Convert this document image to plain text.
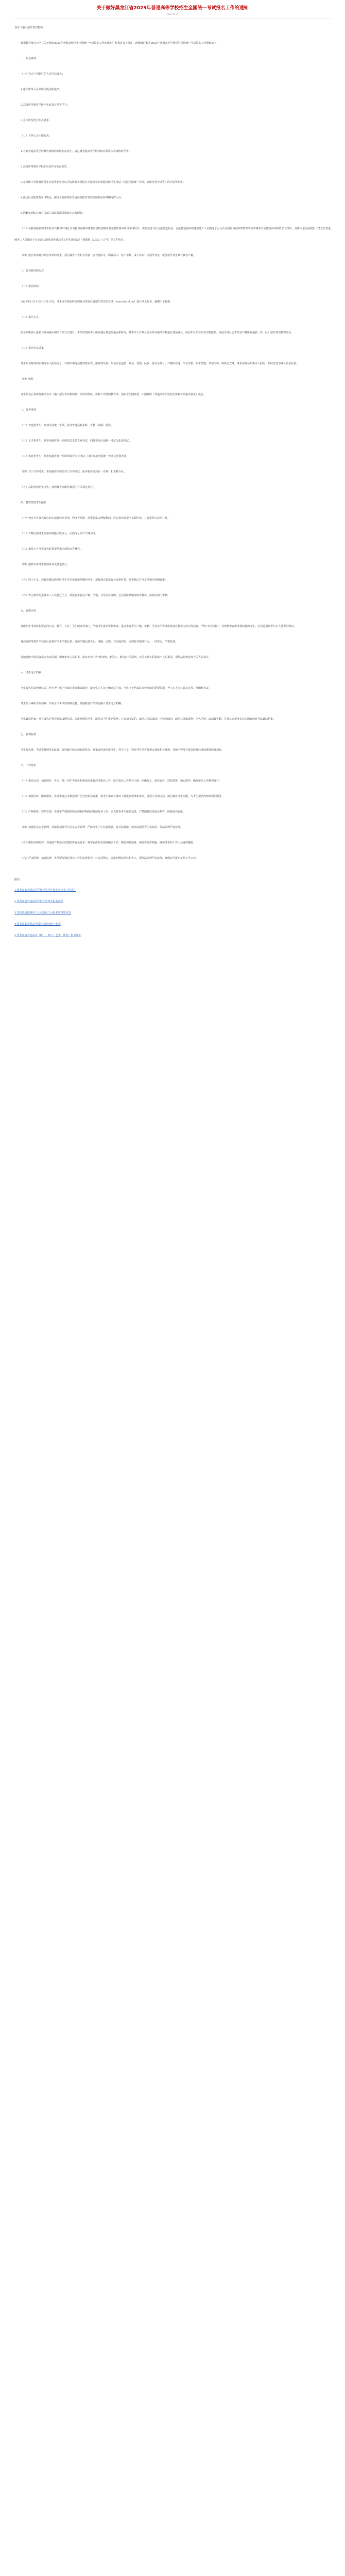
关于做好黑龙江省2023年普通高等学校招生全国统一考试报名工作的通知
2022-10-31

各市（地）招生考试机构：

根据教育部办公厅《关于做好2023年普通高校招生全国统一考试报名工作的通知》和我省有关规定，现就做好我省2023年普通高等学校招生全国统一考试报名工作通知如下：

一、报名条件

（一）符合下列条件的人员可以报名：

1.遵守中华人民共和国宪法和法律；

2.高级中等教育学校毕业或具有同等学力；

3.身体状况符合相关要求。

（二）下列人员不能报名：

1.具有普通高等学历教育资格的高校的在校生，或已被普通高等学校录取并保留入学资格的学生；

2.高级中等教育学校非应届毕业的在校生；

3.在高级中等教育阶段非应届毕业年份以弄虚作假手段报名并违规参加普通高校招生考试（包括全国统一考试、高职分类考试等）的应届毕业生；

4.因违反国家教育考试规定，被给予暂停参加普通高校招生考试处理且在停考期内的人员；

5.因触犯刑法已被有关部门采取强制措施或正在服刑者。

（三）在我省报名的考生须具有我省户籍且具有我省高级中等教育学校学籍并有完整的高中阶段学习经历，或在我省具有合法稳定职业、合法稳定住所的进城务工人员随迁子女且具有我省高级中等教育学校学籍并有完整的高中阶段学习经历。具体认定办法按照《黑龙江省进城务工人员随迁子女在流入地参加普通高考工作实施办法》（黑教联〔2022〕17号）等文件执行。

（四）报名参加对口升学考试的考生，须为我省中等职业学校（含普通中专、职业高中、技工学校、成人中专）应届毕业生，或往届毕业生具有我省户籍。

二、报名时间和方式

（一）报名时间

2022年11月1日至11月10日，考生可在规定时间内登录黑龙江省招生考试信息港（www.lzk.hl.cn）进行网上报名。逾期不予补报。

（二）报名方式

报名采取网上报名与现场确认相结合的方式进行。考生应按照本人所在地区规定的地点和时间，携带本人有效身份证件及相关材料进行现场确认。应届毕业生在所在学校报名，往届生及社会考生在户籍所在地县（市、区）招生考试机构报名。

（三）报名信息采集

考生报名时须如实填写本人报名信息，并对所填写信息的真实性、准确性负责。报名信息包括：姓名、性别、民族、身份证件号、户籍所在地、毕业学校、报考类别、外语语种、联系方式等。考生须现场采集本人照片、指纹及签字确认报名信息。

（四）体检

考生报名后须参加由所在市（地）招生考试机构统一组织的体检，体检工作按照教育部、国家卫生健康委、中国残联《普通高等学校招生体检工作指导意见》执行。

三、报考类别

（一）普通类考生：参加全国统一考试，报考普通高校本科、专科（高职）批次。

（二）艺术类考生：须参加我省统一组织的艺术类专业考试，同时参加全国统一考试文化课考试。

（三）体育类考生：须参加我省统一组织的体育专业考试，同时参加全国统一考试文化课考试。

（四）对口升学考生：参加我省组织的对口升学考试，报考相应的高职（专科）和本科专业。

（五）高职单独招生考生：按照我省高职单独招生有关规定执行。

四、特殊类型考生报名

（一）残疾考生报名时应如实填报残疾类别、程度等情况，需要提供合理便利的，应在报名时提出书面申请，并提供相关证明材料。

（二）少数民族考生应如实填报民族成分，民族成分以户口簿为准。

（三）退役士兵考生报名时须提供退出现役证等材料。

（四）港澳台侨考生按国家有关规定执行。

（五）烈士子女、边疆少数民族地区考生等享受政策照顾的考生，须按规定提供有关证明材料，经审核后方可享受相应照顾政策。

（六）符合条件的进城务工人员随迁子女，须按要求提交户籍、学籍、父母居住证明、社会保险缴纳证明等材料，由相关部门审核。

五、资格审查

各级招生考试机构要会同公安、教育、人社、卫生健康等部门，严格考生报名资格审查。重点审查考生户籍、学籍、学业水平考试成绩及在校学习经历等信息，严防“高考移民”。对资格审查中发现问题的考生，应及时通知考生本人并说明理由。

各高级中等教育学校要认真核对学生学籍信息，确保学籍信息真实、准确、完整。对弄虚作假、违规转学籍等行为，一经查实，严肃处理。

各地要健全报名资格审查责任制，明确审查人员职责，落实审查工作“谁审核、谁签字、谁负责”的原则。对因工作失职造成不良后果的，要依法依规追究有关人员责任。

六、考生电子档案

考生报名信息经确认后，作为考生电子档案的重要组成部分，由考生本人签字确认后生效。考生电子档案是高校录取的重要依据，考生本人应对其真实性、准确性负责。

考生综合素质评价档案、学业水平考试成绩等信息，按照我省有关规定纳入考生电子档案。

考生诚信档案：对在报名过程中提供虚假信息、弄虚作假的考生，取消其当年报名资格；已参加考试的，取消其考试成绩；已被录取的，取消其录取资格；已入学的，取消其学籍，并将其违规事实记入国家教育考试诚信档案。

七、收费标准

考生报名费、考试费按照省发改委、省财政厅核定的标准执行。对家庭经济困难考生、烈士子女、残疾考生等可按规定减免相关费用。各地不得擅自提高收费标准或增加收费项目。

八、工作要求

（一）提高认识，加强领导。各市（地）招生考试机构要高度重视高考报名工作，成立报名工作领导小组，明确分工，落实责任，周密部署，精心组织，确保报名工作顺利进行。

（二）加强宣传，做好服务。各地要通过多种途径广泛宣传报名政策，使考生和家长及时了解报名政策和要求。要设立咨询电话，耐心解答考生问题，为考生提供热情周到的服务。

（三）严格程序，规范管理。各地要严格按照规定的程序和时间开展报名工作，认真核查考生报名信息，严禁随意改变报名条件、降低报名标准。

（四）加强信息安全管理。各地要加强考生信息安全管理，严防考生个人信息泄露。对非法获取、出售或提供考生信息的，依法依规严肃处理。

（五）做好疫情防控。各地要严格落实疫情防控有关要求，科学安排报名现场确认工作，做好现场消毒、测温等防护措施，确保考生和工作人员身体健康。

（六）严肃纪律，加强监督。各地要加强对报名工作的监督检查，对违反规定、弄虚作假的单位和个人，要依法依规严肃处理，确保高考报名工作公平公正。

附件：
1.黑龙江省普通高等学校招生考生报名登记表（样式）
2.黑龙江省普通高等学校招生考生报名流程
3.黑龙江省进城务工人员随迁子女报名资格审查表
4.黑龙江省普通高考报名咨询电话一览表
5.黑龙江省普通高考（统一、对口、艺术、体育）报考须知
